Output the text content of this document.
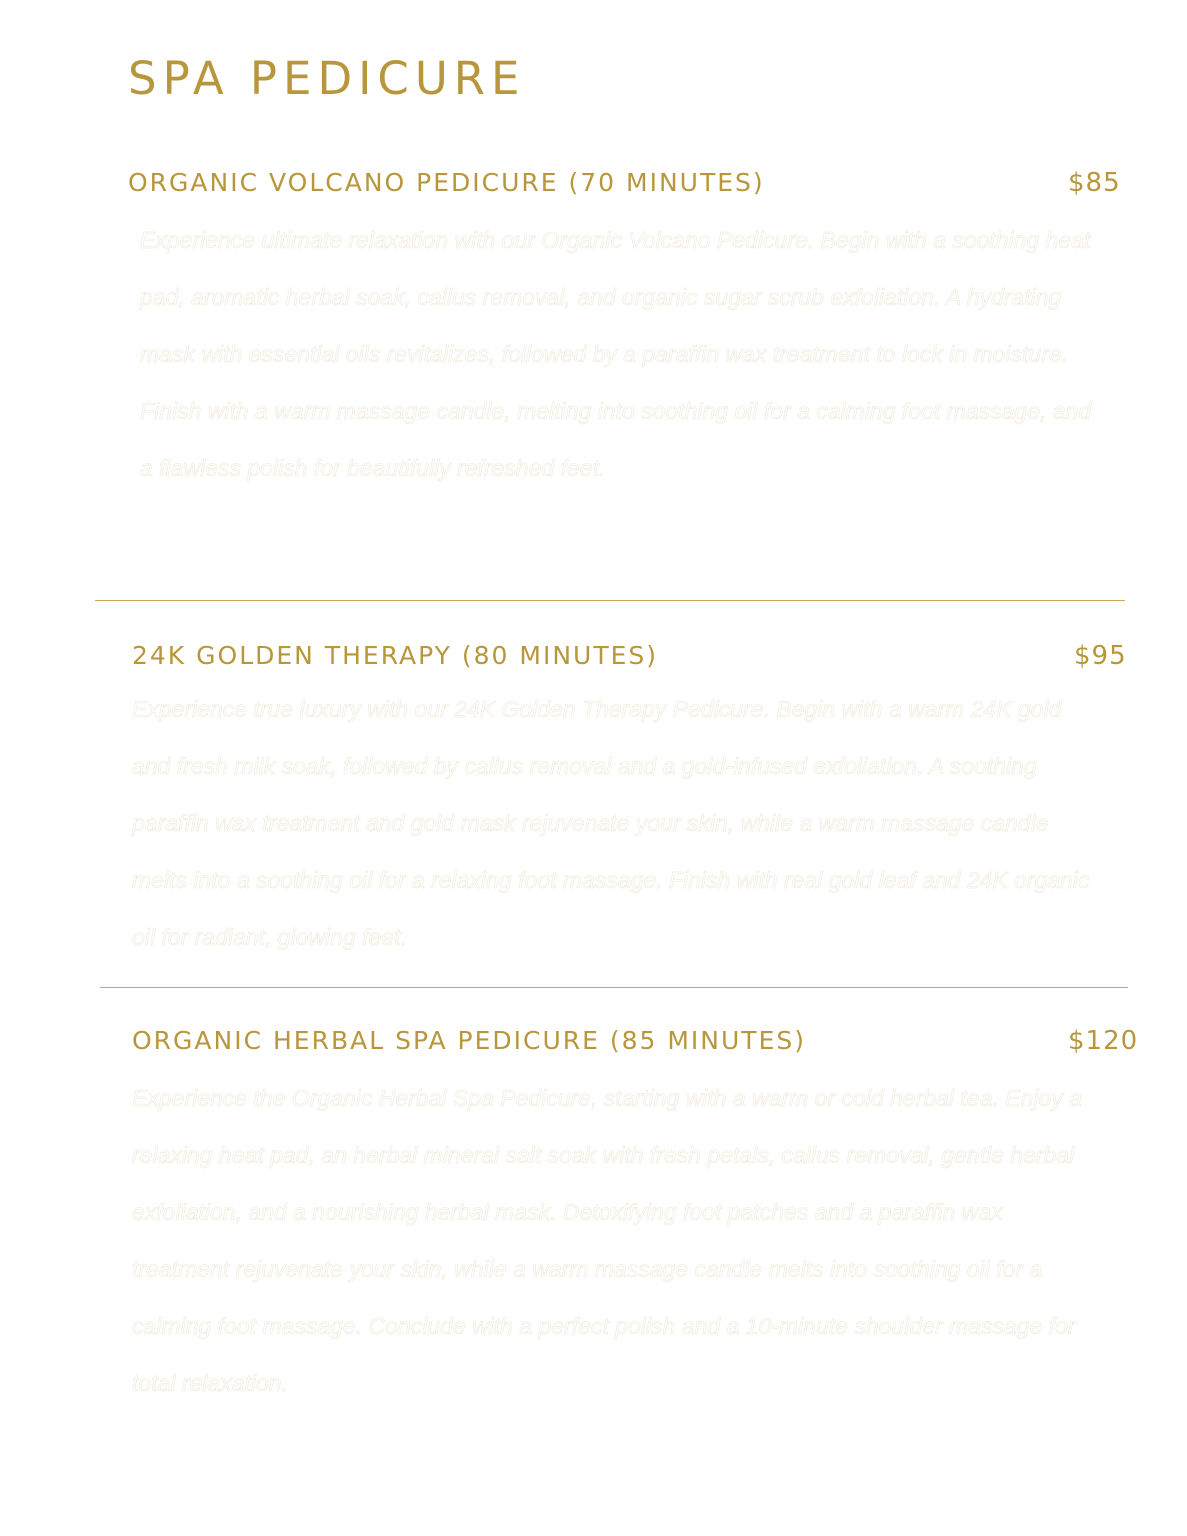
SPA PEDICURE
ORGANIC VOLCANO PEDICURE (70 MINUTES)	$85

Experience ultimate relaxation with our Organic Volcano Pedicure. Begin with a soothing heat pad, aromatic herbal soak, callus removal, and organic sugar scrub exfoliation. A hydrating mask with essential oils revitalizes, followed by a paraffin wax treatment to lock in moisture. Finish with a warm massage candle, melting into soothing oil for a calming foot massage, and a flawless polish for beautifully refreshed feet.

24K GOLDEN THERAPY (80 MINUTES)	$95

Experience true luxury with our 24K Golden Therapy Pedicure. Begin with a warm 24K gold and fresh milk soak, followed by callus removal and a gold-infused exfoliation. A soothing paraffin wax treatment and gold mask rejuvenate your skin, while a warm massage candle melts into a soothing oil for a relaxing foot massage. Finish with real gold leaf and 24K organic oil for radiant, glowing feet.

ORGANIC HERBAL SPA PEDICURE (85 MINUTES)	$120

Experience the Organic Herbal Spa Pedicure, starting with a warm or cold herbal tea. Enjoy a relaxing heat pad, an herbal mineral salt soak with fresh petals, callus removal, gentle herbal exfoliation, and a nourishing herbal mask. Detoxifying foot patches and a paraffin wax treatment rejuvenate your skin, while a warm massage candle melts into soothing oil for a calming foot massage. Conclude with a perfect polish and a 10-minute shoulder massage for total relaxation.
